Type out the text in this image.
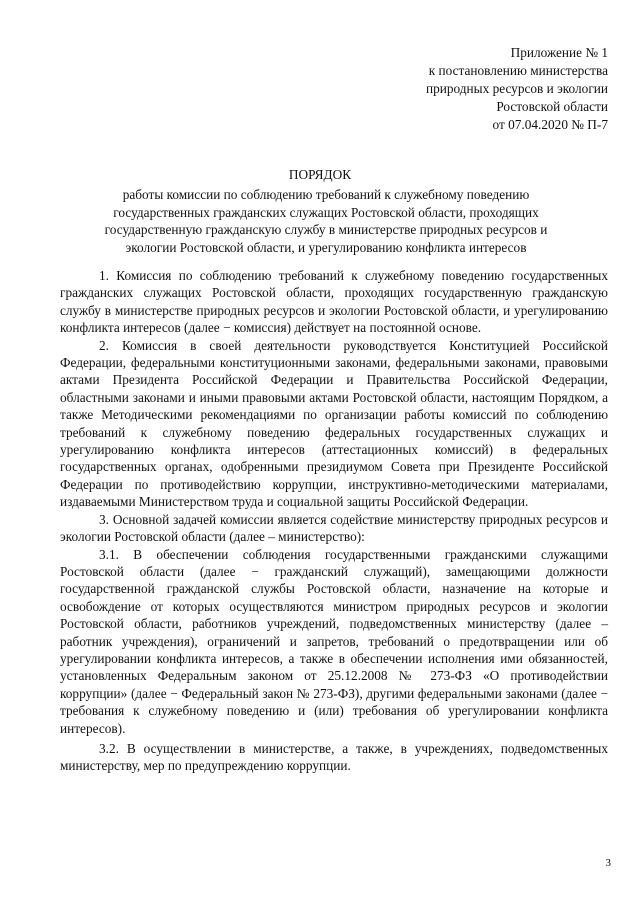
Приложение № 1
к постановлению министерства
природных ресурсов и экологии
Ростовской области
от 07.04.2020 № П-7
ПОРЯДОК
работы комиссии по соблюдению требований к служебному поведению
государственных гражданских служащих Ростовской области, проходящих
государственную гражданскую службу в министерстве природных ресурсов и
экологии Ростовской области, и урегулированию конфликта интересов

1. Комиссия по соблюдению требований к служебному поведению государственных гражданских служащих Ростовской области, проходящих государственную гражданскую службу в министерстве природных ресурсов и экологии Ростовской области, и урегулированию конфликта интересов (далее − комиссия) действует на постоянной основе.

2. Комиссия в своей деятельности руководствуется Конституцией Российской Федерации, федеральными конституционными законами, федеральными законами, правовыми актами Президента Российской Федерации и Правительства Российской Федерации, областными законами и иными правовыми актами Ростовской области, настоящим Порядком, а также Методическими рекомендациями по организации работы комиссий по соблюдению требований к служебному поведению федеральных государственных служащих и урегулированию конфликта интересов (аттестационных комиссий) в федеральных государственных органах, одобренными президиумом Совета при Президенте Российской Федерации по противодействию коррупции, инструктивно-методическими материалами, издаваемыми Министерством труда и социальной защиты Российской Федерации.

3. Основной задачей комиссии является содействие министерству природных ресурсов и экологии Ростовской области (далее – министерство):

3.1. В обеспечении соблюдения государственными гражданскими служащими Ростовской области (далее − гражданский служащий), замещающими должности государственной гражданской службы Ростовской области, назначение на которые и освобождение от которых осуществляются министром природных ресурсов и экологии Ростовской области, работников учреждений, подведомственных министерству (далее – работник учреждения), ограничений и запретов, требований о предотвращении или об урегулировании конфликта интересов, а также в обеспечении исполнения ими обязанностей, установленных Федеральным законом от 25.12.2008 № 273-ФЗ «О противодействии коррупции» (далее − Федеральный закон № 273-ФЗ), другими федеральными законами (далее − требования к служебному поведению и (или) требования об урегулировании конфликта интересов).

3.2. В осуществлении в министерстве, а также, в учреждениях, подведомственных министерству, мер по предупреждению коррупции.

3
